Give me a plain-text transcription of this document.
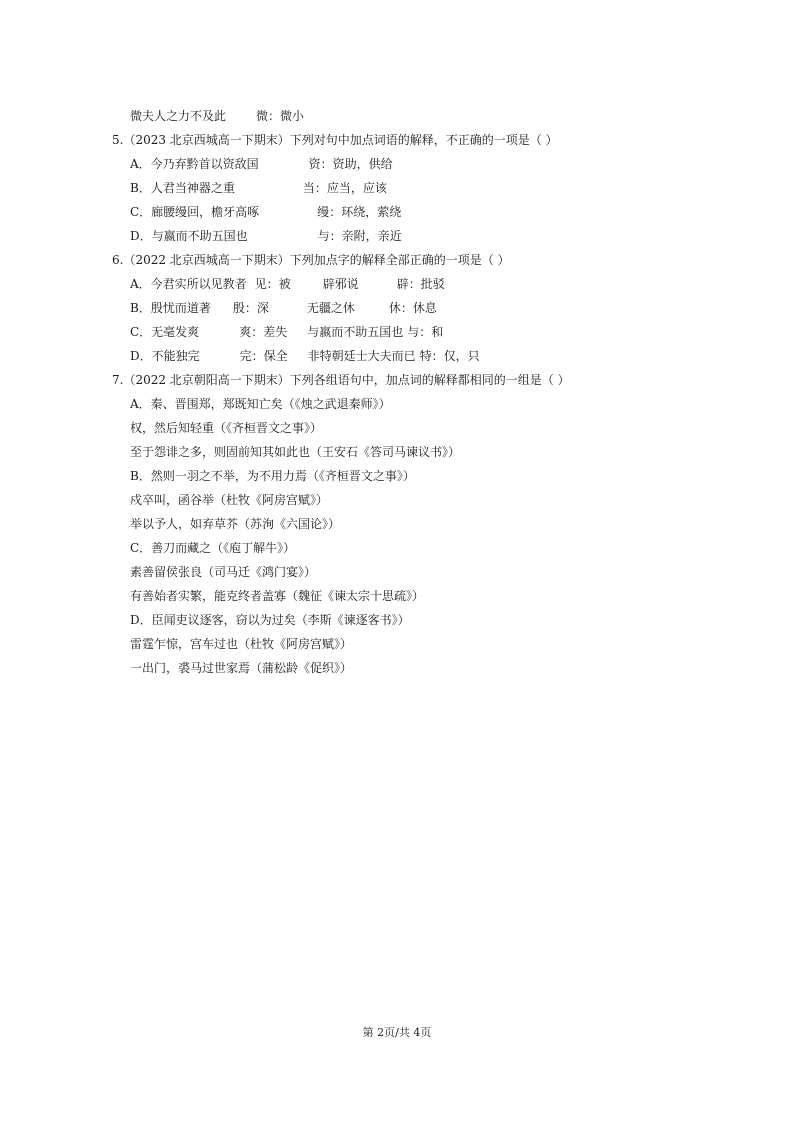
微夫人之力不及此	微：微小
5.（2023 北京西城高一下期末）下列对句中加点词语的解释，不正确的一项是（ ）
A．今乃弃黔首以资敌国	资：资助，供给
B．人君当神器之重	当：应当，应该
C．廊腰缦回，檐牙高啄	缦：环绕，萦绕
D．与嬴而不助五国也	与：亲附，亲近
6.（2022 北京西城高一下期末）下列加点字的解释全部正确的一项是（ ）
A．今君实所以见教者 见：被	辟邪说	辟：批驳
B．殷忧而道著 殷：深	无疆之休	休：休息
C．无毫发爽	爽：差失 与嬴而不助五国也 与：和
D．不能独完	完：保全 非特朝廷士大夫而已 特：仅，只
7.（2022 北京朝阳高一下期末）下列各组语句中，加点词的解释都相同的一组是（ ）
A．秦、晋围郑，郑既知亡矣（《烛之武退秦师》）
权，然后知轻重（《齐桓晋文之事》）
至于怨诽之多，则固前知其如此也（王安石《答司马谏议书》）
B．然则一羽之不举，为不用力焉（《齐桓晋文之事》）
戍卒叫，函谷举（杜牧《阿房宫赋》）
举以予人，如弃草芥（苏洵《六国论》）
C．善刀而藏之（《庖丁解牛》）
素善留侯张良（司马迁《鸿门宴》）
有善始者实繁，能克终者盖寡（魏征《谏太宗十思疏》）
D．臣闻吏议逐客，窃以为过矣（李斯《谏逐客书》）
雷霆乍惊，宫车过也（杜牧《阿房宫赋》）
一出门，裘马过世家焉（蒲松龄《促织》）
第 2页/共 4页
